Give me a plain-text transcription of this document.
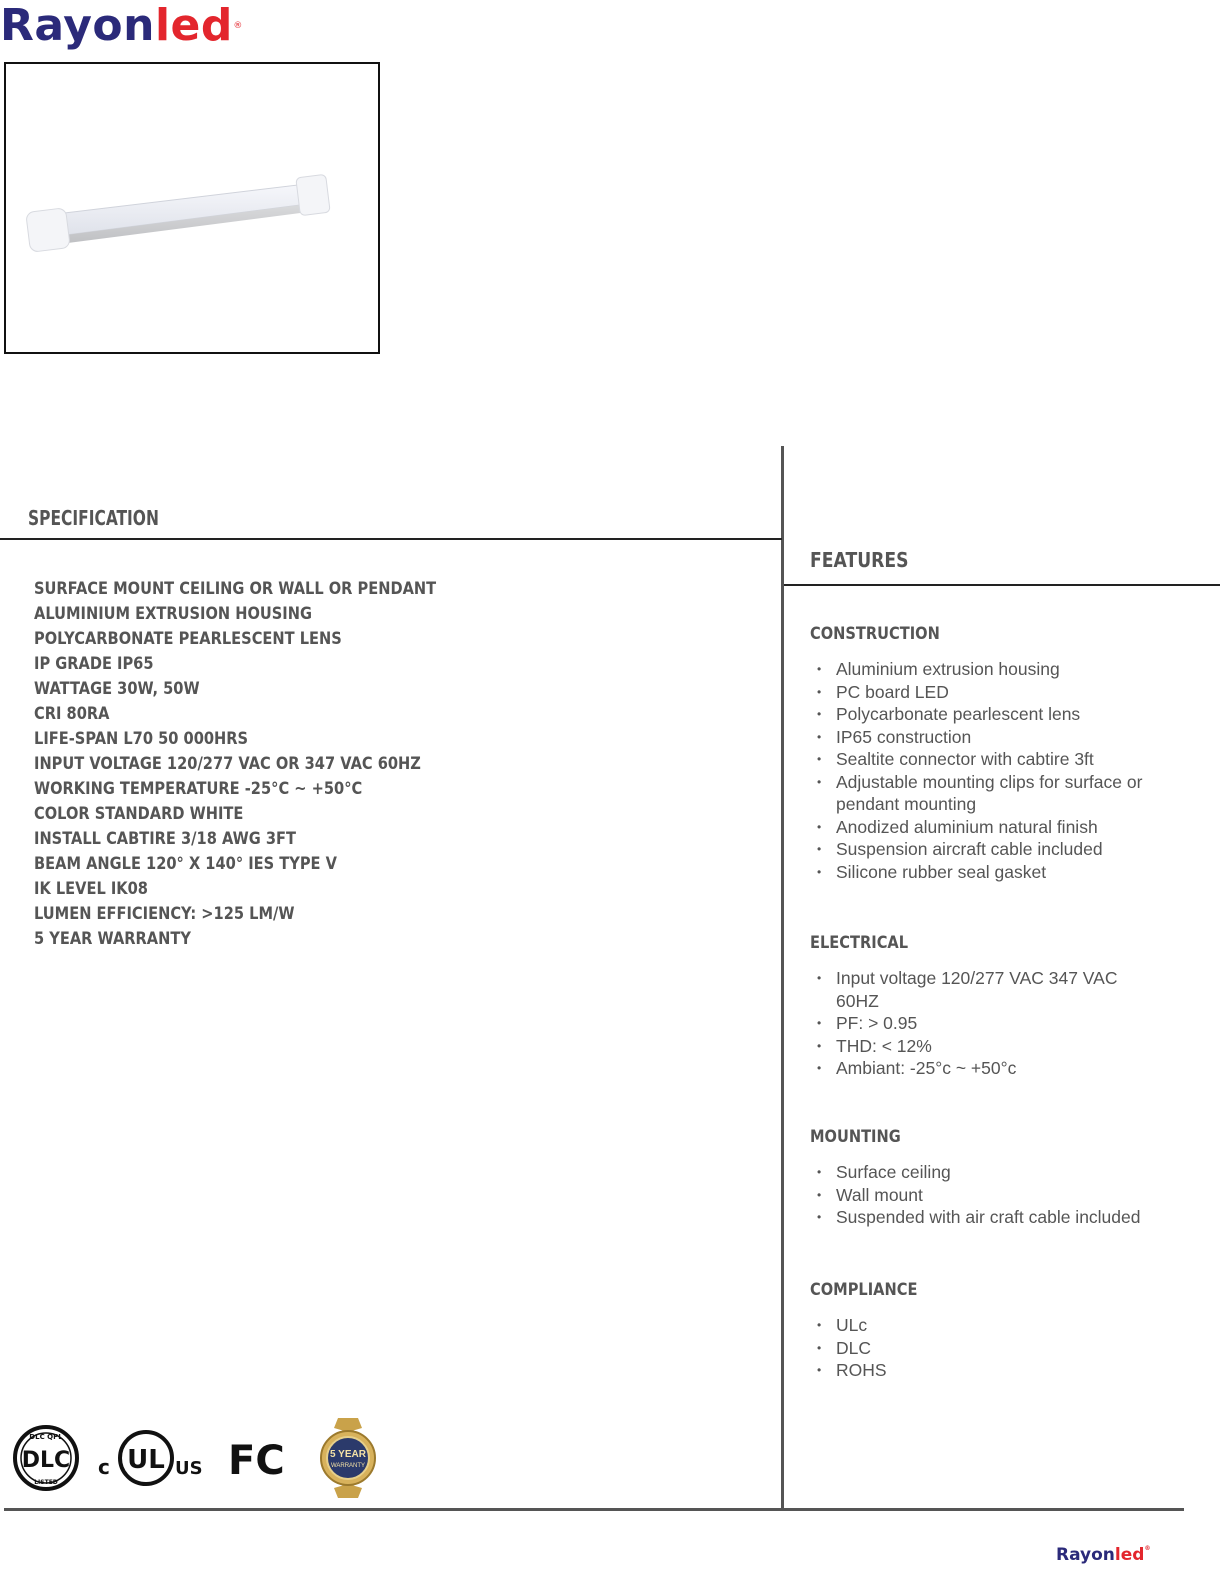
Rayonled ®
SPECIFICATION
SURFACE MOUNT CEILING OR WALL OR PENDANT
ALUMINIUM EXTRUSION HOUSING
POLYCARBONATE PEARLESCENT LENS
IP GRADE IP65
WATTAGE 30W, 50W
CRI 80RA
LIFE-SPAN L70 50 000HRS
INPUT VOLTAGE 120/277 VAC OR 347 VAC 60HZ
WORKING TEMPERATURE -25°C ~ +50°C
COLOR STANDARD WHITE
INSTALL CABTIRE 3/18 AWG 3FT
BEAM ANGLE 120° X 140° IES TYPE V
IK LEVEL IK08
LUMEN EFFICIENCY: >125 LM/W
5 YEAR WARRANTY
FEATURES
CONSTRUCTION
• Aluminium extrusion housing
• PC board LED
• Polycarbonate pearlescent lens
• IP65 construction
• Sealtite connector with cabtire 3ft
• Adjustable mounting clips for surface or pendant mounting
• Anodized aluminium natural finish
• Suspension aircraft cable included
• Silicone rubber seal gasket
ELECTRICAL
• Input voltage 120/277 VAC 347 VAC 60HZ
• PF: > 0.95
• THD: < 12%
• Ambiant: -25°c ~ +50°c
MOUNTING
• Surface ceiling
• Wall mount
• Suspended with air craft cable included
COMPLIANCE
• ULc
• DLC
• ROHS
DLC QPL
DLC
LISTED
c UL US FC	5 YEAR
WARRANTY
Rayonled®
